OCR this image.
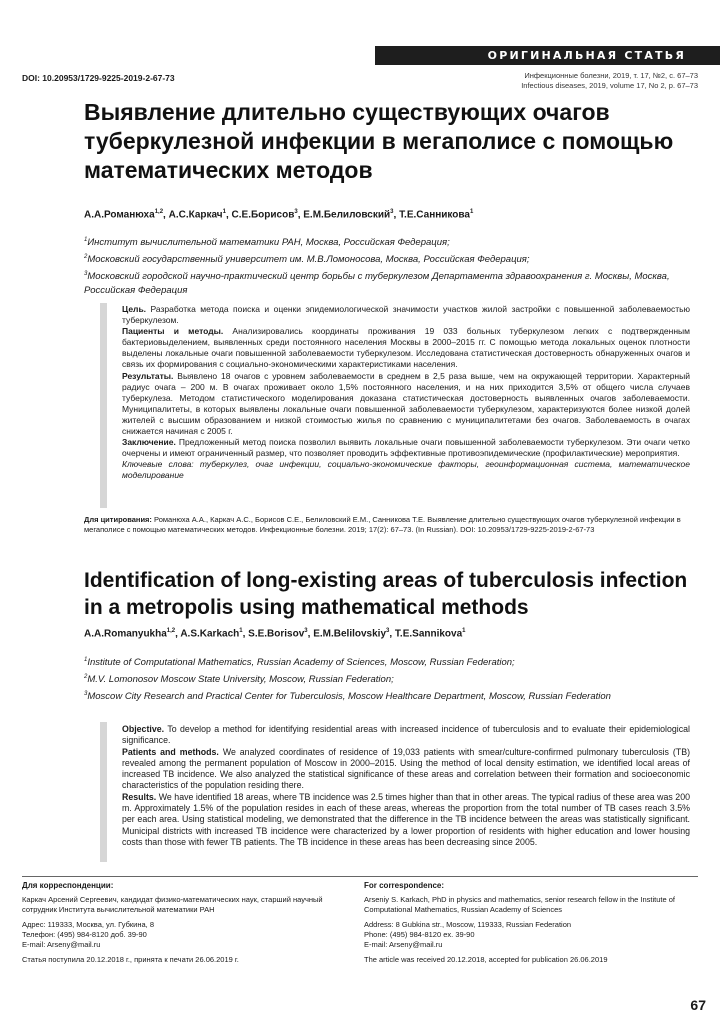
ОРИГИНАЛЬНАЯ СТАТЬЯ
DOI: 10.20953/1729-9225-2019-2-67-73	Инфекционные болезни, 2019, т. 17, №2, с. 67–73
Infectious diseases, 2019, volume 17, No 2, p. 67–73
Выявление длительно существующих очагов туберкулезной инфекции в мегаполисе с помощью математических методов

А.А.Романюха$^{1,2}$, А.С.Каркач$^1$, С.Е.Борисов$^3$, Е.М.Белиловский$^3$, Т.Е.Санникова$^1$

$^1$Институт вычислительной математики РАН, Москва, Российская Федерация;
$^2$Московский государственный университет им. М.В.Ломоносова, Москва, Российская Федерация;
$^3$Московский городской научно-практический центр борьбы с туберкулезом Департамента здравоохранения г. Москвы, Москва, Российская Федерация

Цель. Разработка метода поиска и оценки эпидемиологической значимости участков жилой застройки с повышенной заболеваемостью туберкулезом.

Пациенты и методы. Анализировались координаты проживания 19 033 больных туберкулезом легких с подтвержденным бактериовыделением, выявленных среди постоянного населения Москвы в 2000–2015 гг. С помощью метода локальных оценок плотности выделены локальные очаги повышенной заболеваемости туберкулезом. Исследована статистическая достоверность обнаруженных очагов и связь их формирования с социально-экономическими характеристиками населения.

Результаты. Выявлено 18 очагов с уровнем заболеваемости в среднем в 2,5 раза выше, чем на окружающей территории. Характерный радиус очага – 200 м. В очагах проживает около 1,5% постоянного населения, и на них приходится 3,5% от общего числа случаев туберкулеза. Методом статистического моделирования доказана статистическая достоверность выявленных очагов заболеваемости. Муниципалитеты, в которых выявлены локальные очаги повышенной заболеваемости туберкулезом, характеризуются более низкой долей жителей с высшим образованием и низкой стоимостью жилья по сравнению с муниципалитетами без очагов. Заболеваемость в очагах снижается начиная с 2005 г.

Заключение. Предложенный метод поиска позволил выявить локальные очаги повышенной заболеваемости туберкулезом. Эти очаги четко очерчены и имеют ограниченный размер, что позволяет проводить эффективные противоэпидемические (профилактические) мероприятия.

Ключевые слова: туберкулез, очаг инфекции, социально-экономические факторы, геоинформационная система, математическое моделирование

Для цитирования: Романюха А.А., Каркач А.С., Борисов С.Е., Белиловский Е.М., Санникова Т.Е. Выявление длительно существующих очагов туберкулезной инфекции в мегаполисе с помощью математических методов. Инфекционные болезни. 2019; 17(2): 67–73. (In Russian). DOI: 10.20953/1729-9225-2019-2-67-73

Identification of long-existing areas of tuberculosis infection in a metropolis using mathematical methods

A.A.Romanyukha$^{1,2}$, A.S.Karkach$^1$, S.E.Borisov$^3$, E.M.Belilovskiy$^3$, T.E.Sannikova$^1$

$^1$Institute of Computational Mathematics, Russian Academy of Sciences, Moscow, Russian Federation;
$^2$M.V. Lomonosov Moscow State University, Moscow, Russian Federation;
$^3$Moscow City Research and Practical Center for Tuberculosis, Moscow Healthcare Department, Moscow, Russian Federation

Objective. To develop a method for identifying residential areas with increased incidence of tuberculosis and to evaluate their epidemiological significance.

Patients and methods. We analyzed coordinates of residence of 19,033 patients with smear/culture-confirmed pulmonary tuberculosis (TB) revealed among the permanent population of Moscow in 2000–2015. Using the method of local density estimation, we identified local areas of increased TB incidence. We also analyzed the statistical significance of these areas and correlation between their formation and socioeconomic characteristics of the population residing there.

Results. We have identified 18 areas, where TB incidence was 2.5 times higher than that in other areas. The typical radius of these area was 200 m. Approximately 1.5% of the population resides in each of these areas, whereas the proportion from the total number of TB cases reach 3.5% per each area. Using statistical modeling, we demonstrated that the difference in the TB incidence between the areas was statistically significant. Municipal districts with increased TB incidence were characterized by a lower proportion of residents with higher education and lower housing costs than those with fewer TB patients. The TB incidence in these areas has been decreasing since 2005.

Для корреспонденции:
Каркач Арсений Сергеевич, кандидат физико-математических наук, старший научный сотрудник Института вычислительной математики РАН
Адрес: 119333, Москва, ул. Губкина, 8
Телефон: (495) 984-8120 доб. 39-90
E-mail: Arseny@mail.ru
Статья поступила 20.12.2018 г., принята к печати 26.06.2019 г.
For correspondence:
Arseniy S. Karkach, PhD in physics and mathematics, senior research fellow in the Institute of Computational Mathematics, Russian Academy of Sciences
Address: 8 Gubkina str., Moscow, 119333, Russian Federation
Phone: (495) 984-8120 ex. 39-90
E-mail: Arseny@mail.ru
The article was received 20.12.2018, accepted for publication 26.06.2019
67
